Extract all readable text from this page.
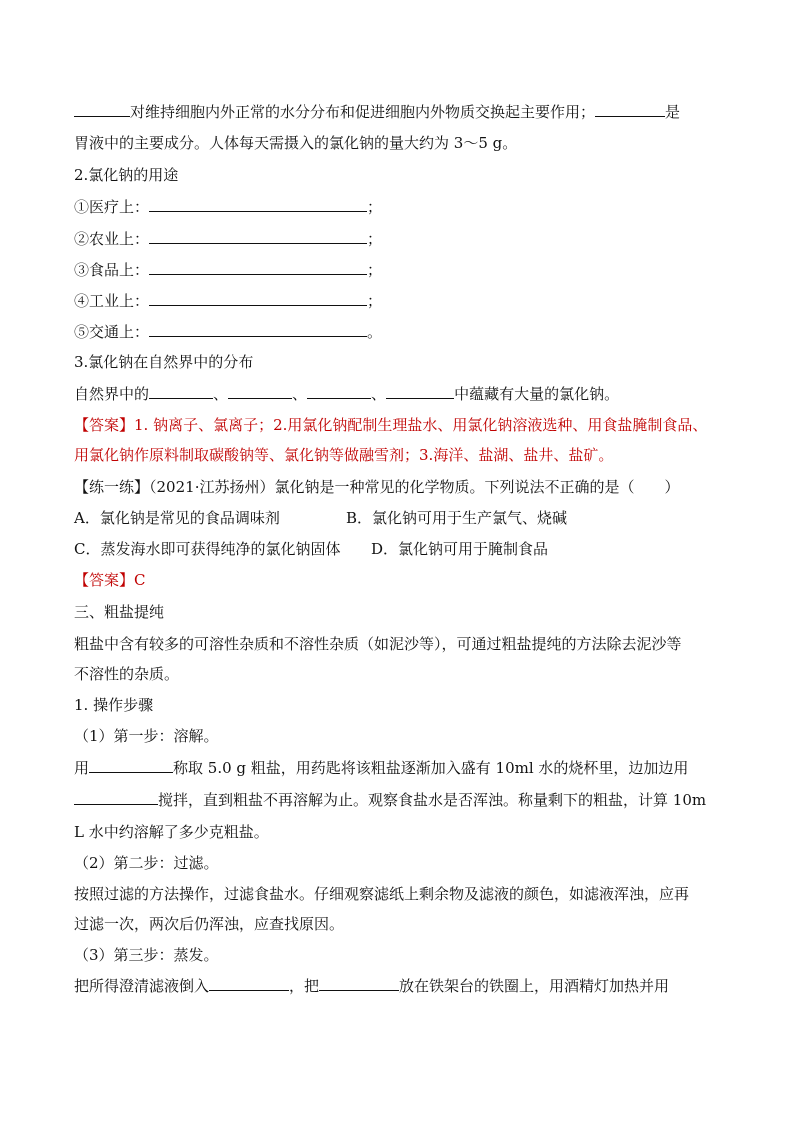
对维持细胞内外正常的水分分布和促进细胞内外物质交换起主要作用；	是
胃液中的主要成分。人体每天需摄入的氯化钠的量大约为 3～5 g。
2.氯化钠的用途
①医疗上：	；
②农业上：	；
③食品上：	；
④工业上：	；
⑤交通上：	。
3.氯化钠在自然界中的分布
自然界中的	、	、	、	中蕴藏有大量的氯化钠。
【答案】1. 钠离子、氯离子；2.用氯化钠配制生理盐水、用氯化钠溶液选种、用食盐腌制食品、
用氯化钠作原料制取碳酸钠等、氯化钠等做融雪剂；3.海洋、盐湖、盐井、盐矿。
【练一练】（2021·江苏扬州）氯化钠是一种常见的化学物质。下列说法不正确的是（　　）
A．氯化钠是常见的食品调味剂	B．氯化钠可用于生产氯气、烧碱
C．蒸发海水即可获得纯净的氯化钠固体 D．氯化钠可用于腌制食品
【答案】C
三、粗盐提纯
粗盐中含有较多的可溶性杂质和不溶性杂质（如泥沙等），可通过粗盐提纯的方法除去泥沙等
不溶性的杂质。
1. 操作步骤
（1）第一步：溶解。
用	称取 5.0 g 粗盐，用药匙将该粗盐逐渐加入盛有 10ml 水的烧杯里，边加边用
搅拌，直到粗盐不再溶解为止。观察食盐水是否浑浊。称量剩下的粗盐，计算 10m
L 水中约溶解了多少克粗盐。
（2）第二步：过滤。
按照过滤的方法操作，过滤食盐水。仔细观察滤纸上剩余物及滤液的颜色，如滤液浑浊，应再
过滤一次，两次后仍浑浊，应查找原因。
（3）第三步：蒸发。
把所得澄清滤液倒入	，把	放在铁架台的铁圈上，用酒精灯加热并用
